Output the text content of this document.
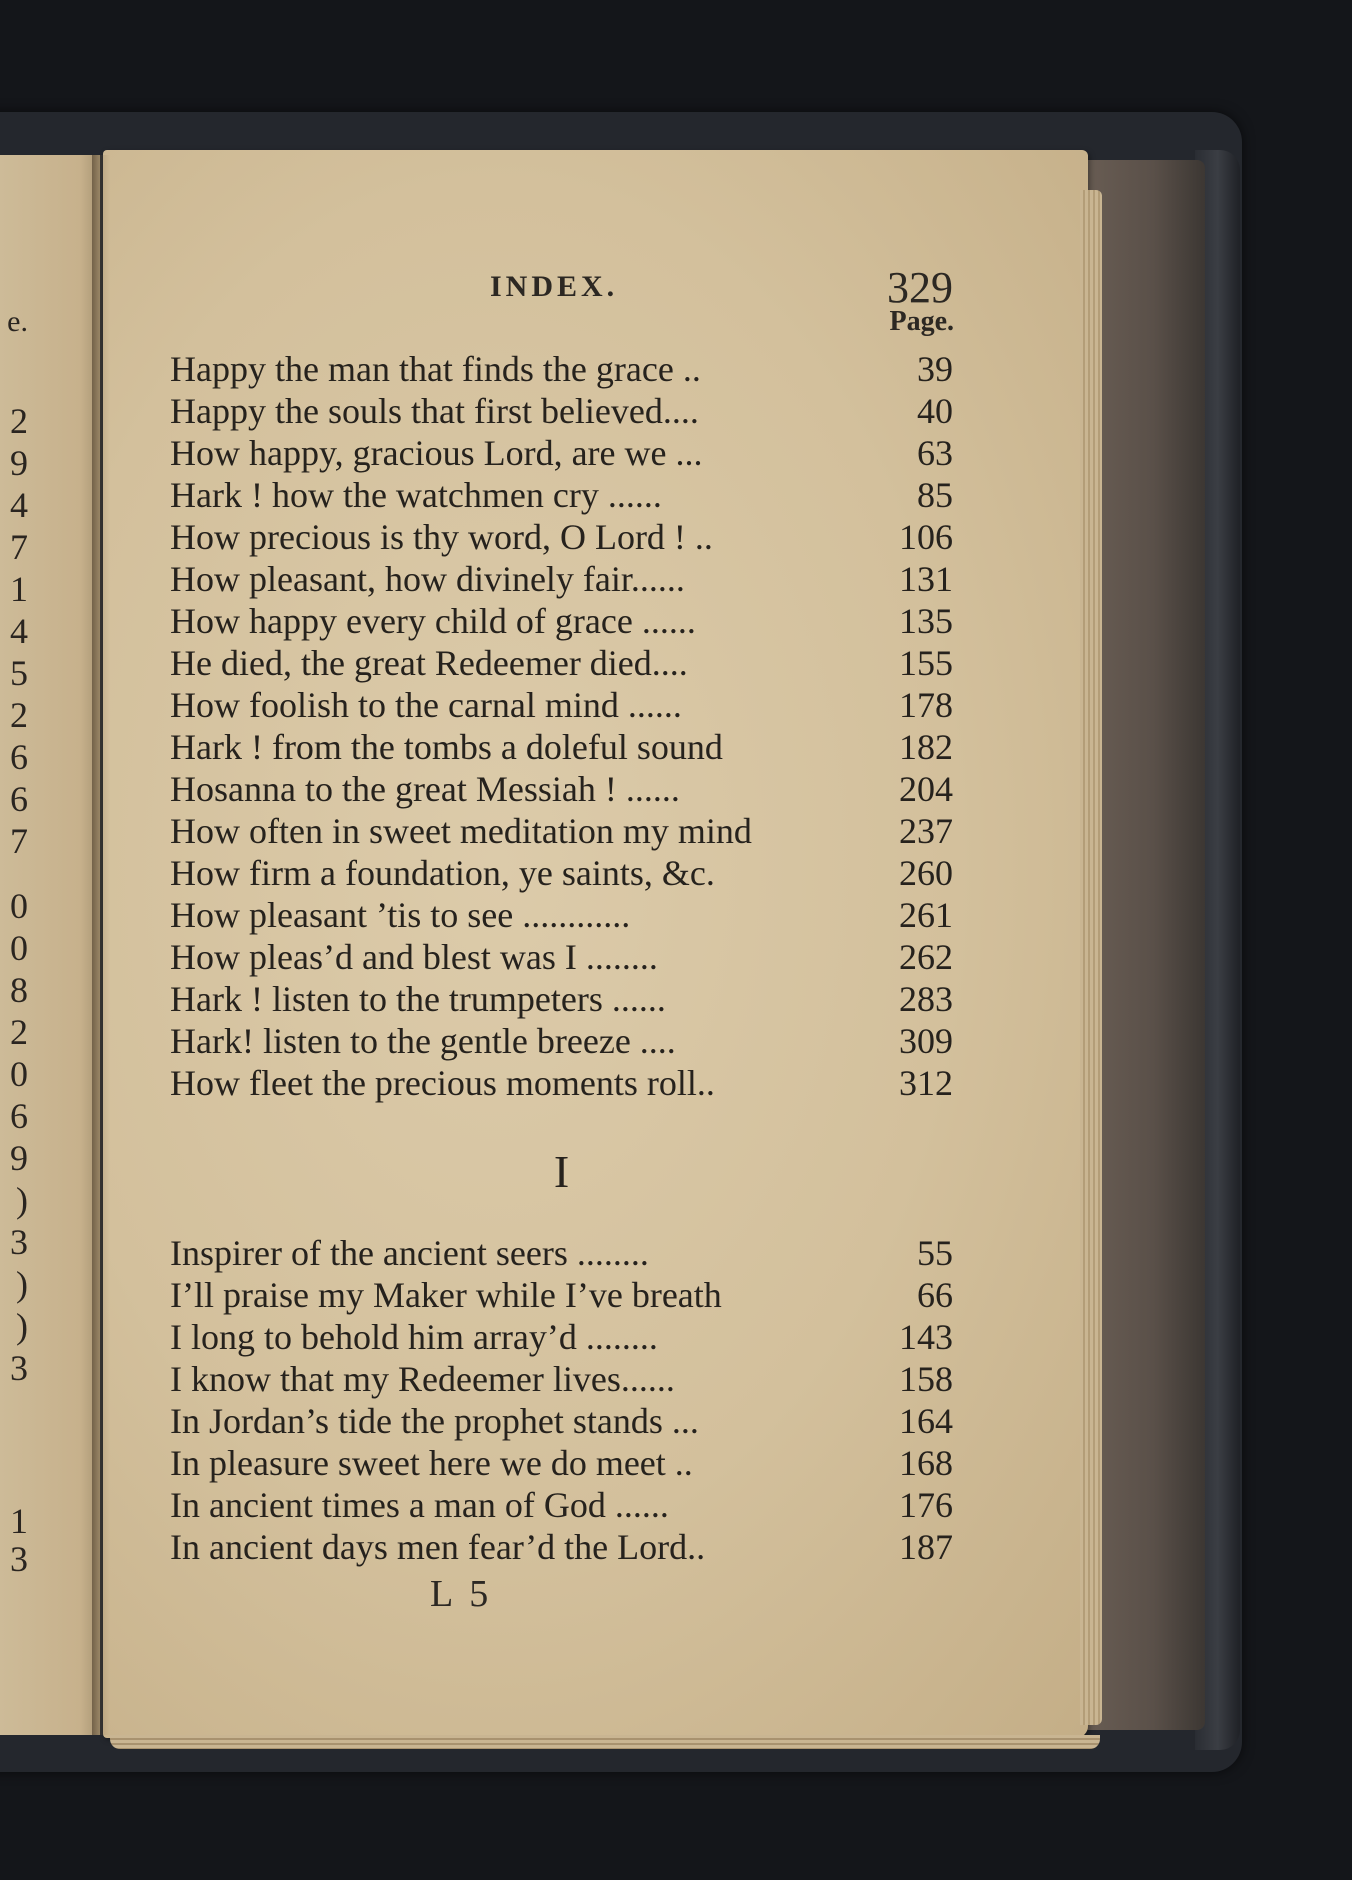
e.
2
9
4
7
1
4
5
2
6
6
7
0
0
8
2
0
6
9
)
3
)
)
3
1
3
INDEX.	329
Page.
Happy the man that finds the grace ..	39
Happy the souls that first believed....	40
How happy, gracious Lord, are we ...	63
Hark ! how the watchmen cry ......	85
How precious is thy word, O Lord ! ..	106
How pleasant, how divinely fair......	131
How happy every child of grace ......	135
He died, the great Redeemer died....	155
How foolish to the carnal mind ......	178
Hark ! from the tombs a doleful sound	182
Hosanna to the great Messiah ! ......	204
How often in sweet meditation my mind	237
How firm a foundation, ye saints, &c.	260
How pleasant ’tis to see ............	261
How pleas’d and blest was I ........	262
Hark ! listen to the trumpeters ......	283
Hark! listen to the gentle breeze ....	309
How fleet the precious moments roll..	312
I
Inspirer of the ancient seers ........	55
I’ll praise my Maker while I’ve breath	66
I long to behold him array’d ........	143
I know that my Redeemer lives......	158
In Jordan’s tide the prophet stands ...	164
In pleasure sweet here we do meet ..	168
In ancient times a man of God ......	176
In ancient days men fear’d the Lord..	187
L 5
